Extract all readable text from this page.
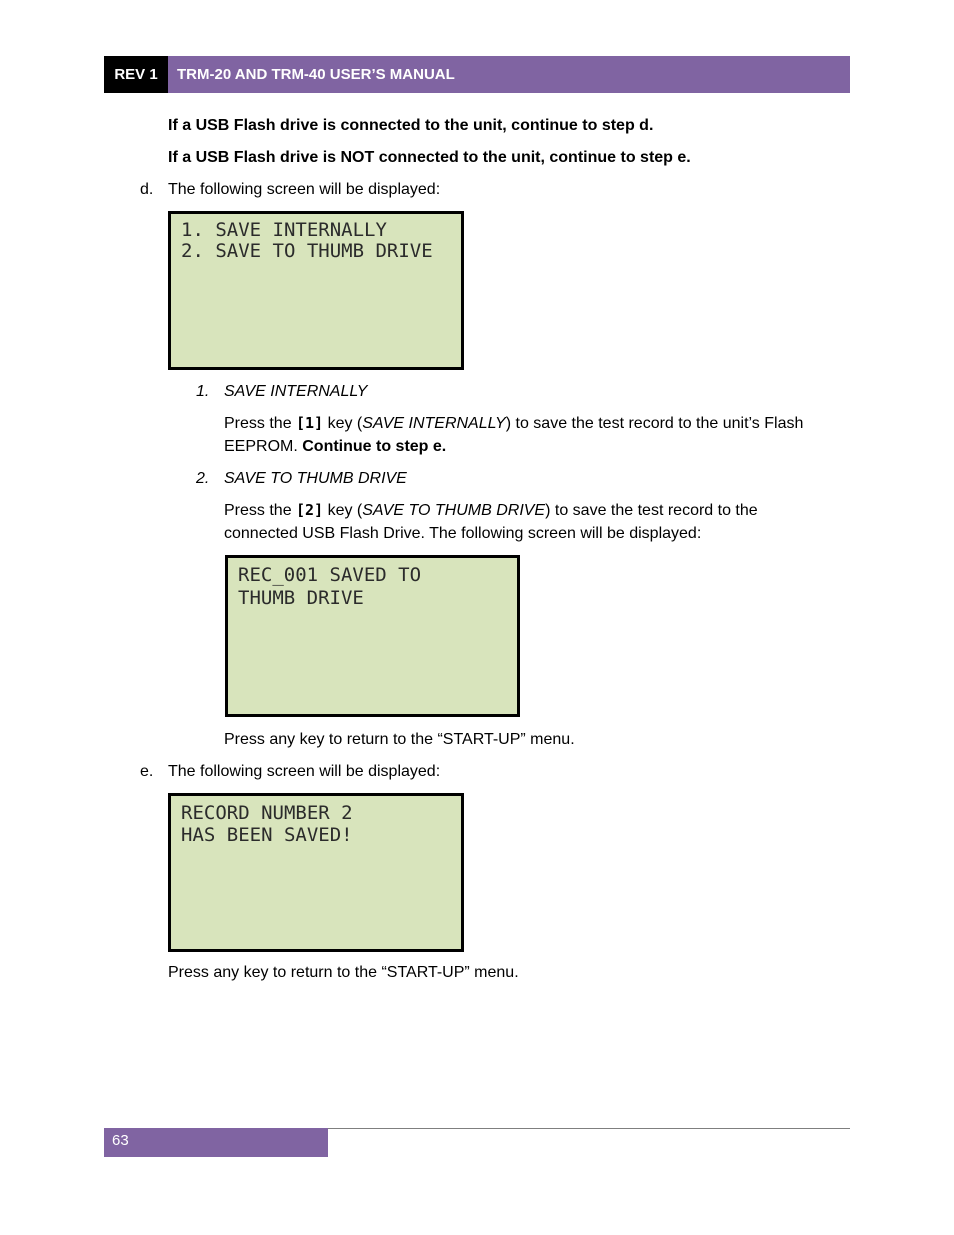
REV 1	TRM-20 AND TRM-40 USER’S MANUAL
If a USB Flash drive is connected to the unit, continue to step d.
If a USB Flash drive is NOT connected to the unit, continue to step e.
d. The following screen will be displayed:
1. SAVE INTERNALLY
2. SAVE TO THUMB DRIVE
1. SAVE INTERNALLY
Press the [1] key (SAVE INTERNALLY) to save the test record to the unit’s Flash
EEPROM. Continue to step e.
2. SAVE TO THUMB DRIVE
Press the [2] key (SAVE TO THUMB DRIVE) to save the test record to the
connected USB Flash Drive. The following screen will be displayed:
REC_001 SAVED TO
THUMB DRIVE
Press any key to return to the “START-UP” menu.
e. The following screen will be displayed:
RECORD NUMBER 2
HAS BEEN SAVED!
Press any key to return to the “START-UP” menu.
63
